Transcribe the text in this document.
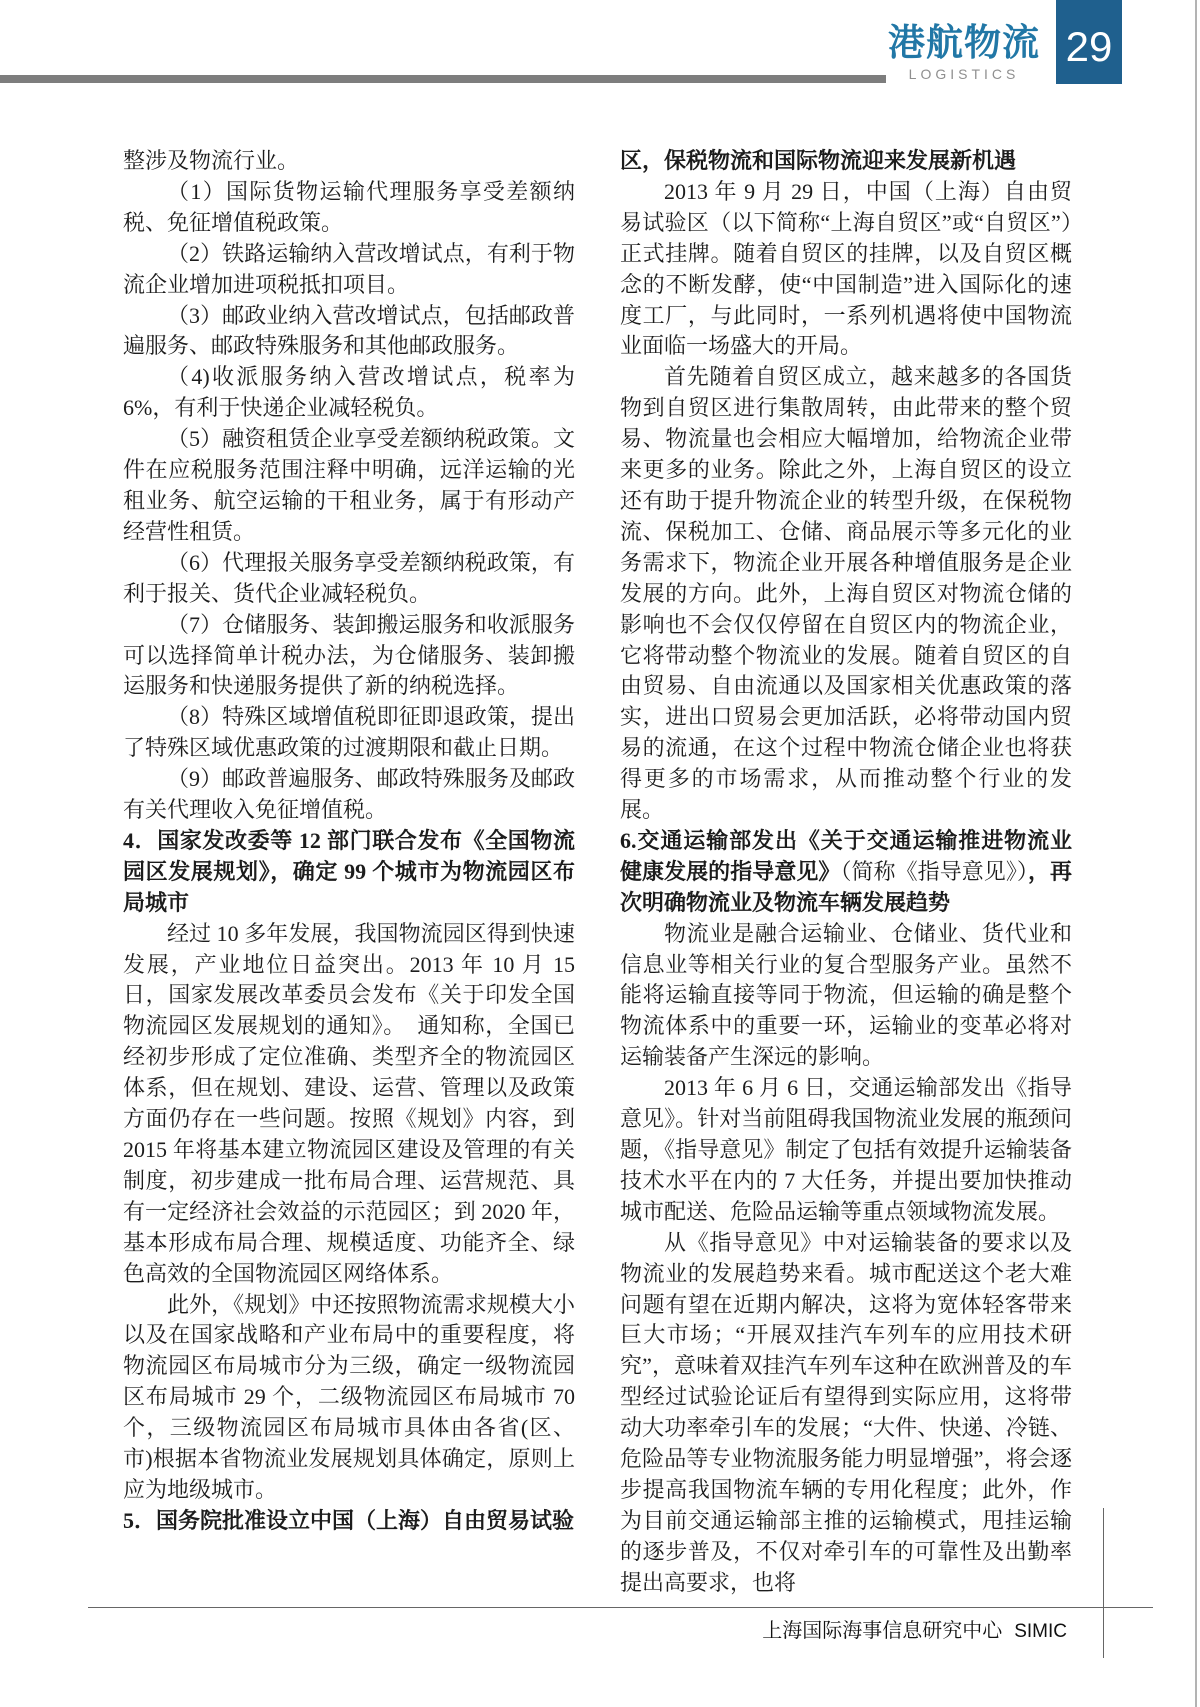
港航物流
LOGISTICS
29

整涉及物流行业。

（1）国际货物运输代理服务享受差额纳税、免征增值税政策。

（2）铁路运输纳入营改增试点，有利于物流企业增加进项税抵扣项目。

（3）邮政业纳入营改增试点，包括邮政普遍服务、邮政特殊服务和其他邮政服务。

（4)收派服务纳入营改增试点，税率为 6%，有利于快递企业减轻税负。

（5）融资租赁企业享受差额纳税政策。文件在应税服务范围注释中明确，远洋运输的光租业务、航空运输的干租业务，属于有形动产经营性租赁。

（6）代理报关服务享受差额纳税政策，有利于报关、货代企业减轻税负。

（7）仓储服务、装卸搬运服务和收派服务可以选择简单计税办法，为仓储服务、装卸搬运服务和快递服务提供了新的纳税选择。

（8）特殊区域增值税即征即退政策，提出了特殊区域优惠政策的过渡期限和截止日期。

（9）邮政普遍服务、邮政特殊服务及邮政有关代理收入免征增值税。

4．国家发改委等 12 部门联合发布《全国物流园区发展规划》，确定 99 个城市为物流园区布局城市

经过 10 多年发展，我国物流园区得到快速发展，产业地位日益突出。2013 年 10 月 15 日，国家发展改革委员会发布《关于印发全国物流园区发展规划的通知》。　通知称，全国已经初步形成了定位准确、类型齐全的物流园区体系，但在规划、建设、运营、管理以及政策方面仍存在一些问题。按照《规划》内容，到 2015 年将基本建立物流园区建设及管理的有关制度，初步建成一批布局合理、运营规范、具有一定经济社会效益的示范园区；到 2020 年，基本形成布局合理、规模适度、功能齐全、绿色高效的全国物流园区网络体系。

此外，《规划》中还按照物流需求规模大小以及在国家战略和产业布局中的重要程度，将物流园区布局城市分为三级，确定一级物流园区布局城市 29 个，二级物流园区布局城市 70 个，三级物流园区布局城市具体由各省(区、市)根据本省物流业发展规划具体确定，原则上应为地级城市。

5．国务院批准设立中国（上海）自由贸易试验

区，保税物流和国际物流迎来发展新机遇

2013 年 9 月 29 日，中国（上海）自由贸易试验区（以下简称“上海自贸区”或“自贸区”）正式挂牌。随着自贸区的挂牌，以及自贸区概念的不断发酵，使“中国制造”进入国际化的速度工厂，与此同时，一系列机遇将使中国物流业面临一场盛大的开局。

首先随着自贸区成立，越来越多的各国货物到自贸区进行集散周转，由此带来的整个贸易、物流量也会相应大幅增加，给物流企业带来更多的业务。除此之外，上海自贸区的设立还有助于提升物流企业的转型升级，在保税物流、保税加工、仓储、商品展示等多元化的业务需求下，物流企业开展各种增值服务是企业发展的方向。此外，上海自贸区对物流仓储的影响也不会仅仅停留在自贸区内的物流企业，它将带动整个物流业的发展。随着自贸区的自由贸易、自由流通以及国家相关优惠政策的落实，进出口贸易会更加活跃，必将带动国内贸易的流通，在这个过程中物流仓储企业也将获得更多的市场需求，从而推动整个行业的发展。

6.交通运输部发出《关于交通运输推进物流业健康发展的指导意见》（简称《指导意见》），再次明确物流业及物流车辆发展趋势

物流业是融合运输业、仓储业、货代业和信息业等相关行业的复合型服务产业。虽然不能将运输直接等同于物流，但运输的确是整个物流体系中的重要一环，运输业的变革必将对运输装备产生深远的影响。

2013 年 6 月 6 日，交通运输部发出《指导意见》。针对当前阻碍我国物流业发展的瓶颈问题，《指导意见》制定了包括有效提升运输装备技术水平在内的 7 大任务，并提出要加快推动城市配送、危险品运输等重点领域物流发展。

从《指导意见》中对运输装备的要求以及物流业的发展趋势来看。城市配送这个老大难问题有望在近期内解决，这将为宽体轻客带来巨大市场；“开展双挂汽车列车的应用技术研究”，意味着双挂汽车列车这种在欧洲普及的车型经过试验论证后有望得到实际应用，这将带动大功率牵引车的发展；“大件、快递、冷链、危险品等专业物流服务能力明显增强”，将会逐步提高我国物流车辆的专用化程度；此外，作为目前交通运输部主推的运输模式，甩挂运输的逐步普及，不仅对牵引车的可靠性及出勤率提出高要求，也将

上海国际海事信息研究中心 SIMIC
